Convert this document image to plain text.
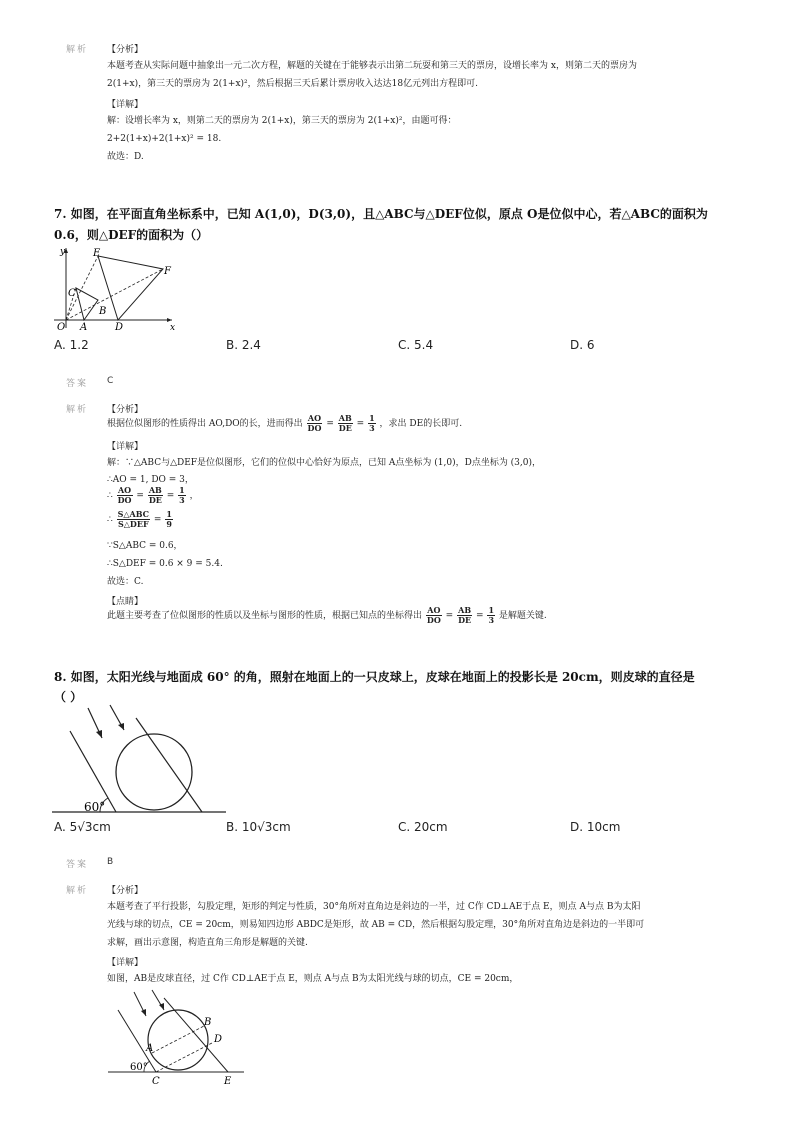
解析 【分析】
本题考查从实际问题中抽象出一元二次方程，解题的关键在于能够表示出第二玩耍和第三天的票房，设增长率为 x，则第二天的票房为
2(1+x)，第三天的票房为 2(1+x)²，然后根据三天后累计票房收入达达18亿元列出方程即可.
【详解】
解：设增长率为 x，则第二天的票房为 2(1+x)，第三天的票房为 2(1+x)²，由题可得：
2+2(1+x)+2(1+x)² = 18.
故选：D.
7. 如图，在平面直角坐标系中，已知 A(1,0)，D(3,0)，且△ABC与△DEF位似，原点 O是位似中心，若△ABC的面积为
0.6，则△DEF的面积为（）
y
x
O A
B
C
D
E
F
A. 1.2	B. 2.4	C. 5.4	D. 6
答案 C
解析 【分析】
根据位似图形的性质得出 AO,DO的长，进而得出 $\frac{AO}{DO} = \frac{AB}{DE} = \frac{1}{3}$ ，求出 DE的长即可.
【详解】
解：∵△ABC与△DEF是位似图形，它们的位似中心恰好为原点，已知 A点坐标为 (1,0)，D点坐标为 (3,0)，
∴AO = 1, DO = 3，
∴ $\frac{AO}{DO} = \frac{AB}{DE} = \frac{1}{3}$ ，
∴ $\frac{\text{S△ABC}}{\text{S△DEF}} = \frac{1}{9}$
∵S△ABC = 0.6，
∴S△DEF = 0.6 × 9 = 5.4.
故选：C.
【点睛】
此题主要考查了位似图形的性质以及坐标与图形的性质，根据已知点的坐标得出 $\frac{AO}{DO} = \frac{AB}{DE} = \frac{1}{3}$ 是解题关键.
8. 如图，太阳光线与地面成 60° 的角，照射在地面上的一只皮球上，皮球在地面上的投影长是 20cm，则皮球的直径是
（ ）
60°
A. 5√3cm	B. 10√3cm	C. 20cm	D. 10cm
答案 B
解析 【分析】
本题考查了平行投影，勾股定理，矩形的判定与性质，30°角所对直角边是斜边的一半，过 C作 CD⊥AE于点 E，则点 A与点 B为太阳
光线与球的切点，CE = 20cm，则易知四边形 ABDC是矩形，故 AB = CD，然后根据勾股定理，30°角所对直角边是斜边的一半即可
求解，画出示意图，构造直角三角形是解题的关键.
【详解】
如图，AB是皮球直径，过 C作 CD⊥AE于点 E，则点 A与点 B为太阳光线与球的切点，CE = 20cm，
60°
A
B
C
D
E
